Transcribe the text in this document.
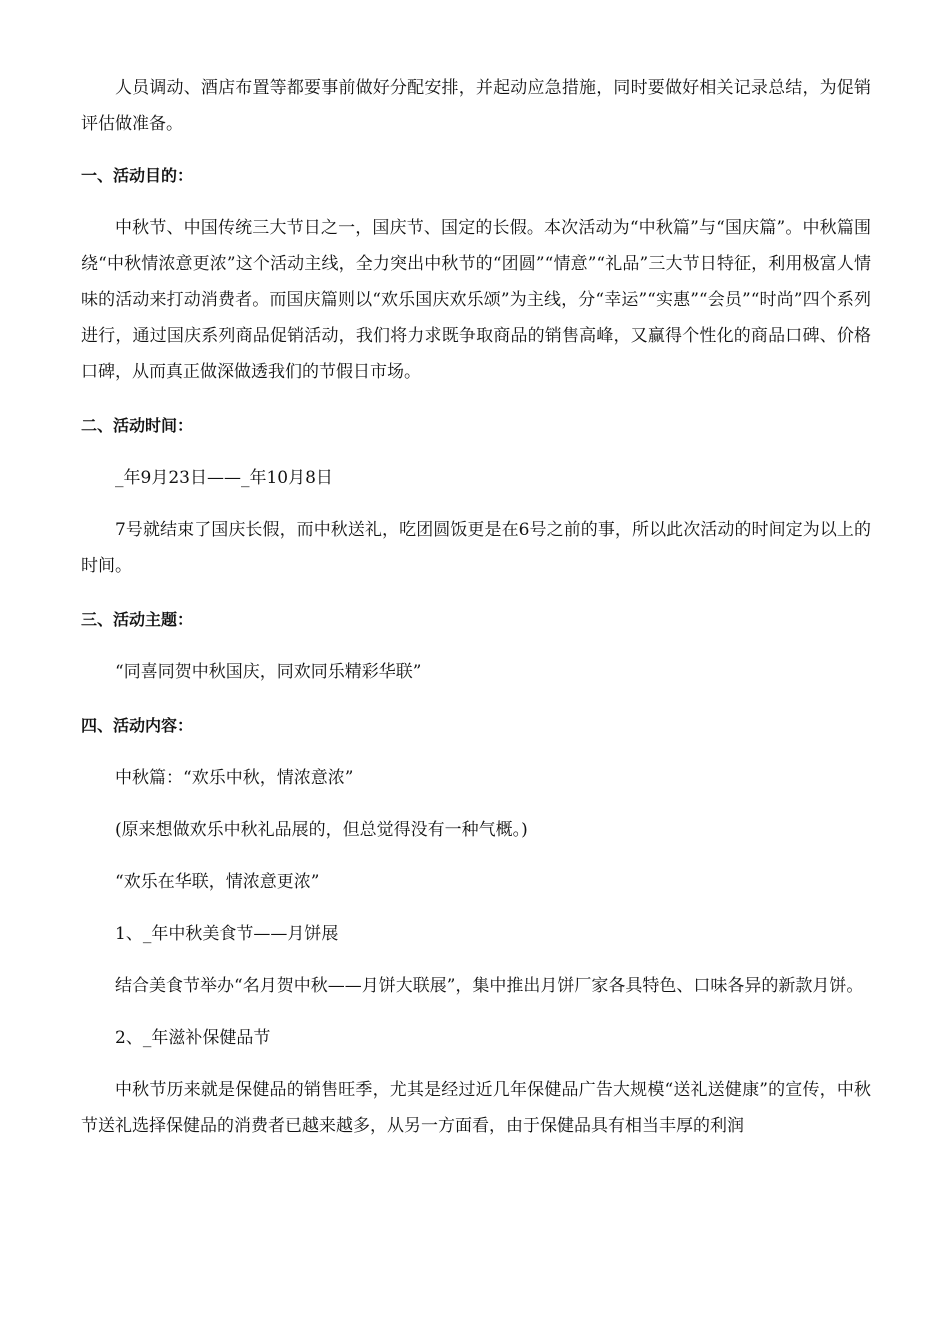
人员调动、酒店布置等都要事前做好分配安排，并起动应急措施，同时要做好相关记录总结，为促销评估做准备。

一、活动目的：

中秋节、中国传统三大节日之一，国庆节、国定的长假。本次活动为“中秋篇”与“国庆篇”。中秋篇围绕“中秋情浓意更浓”这个活动主线，全力突出中秋节的“团圆”“情意”“礼品”三大节日特征，利用极富人情味的活动来打动消费者。而国庆篇则以“欢乐国庆欢乐颂”为主线，分“幸运”“实惠”“会员”“时尚”四个系列进行，通过国庆系列商品促销活动，我们将力求既争取商品的销售高峰，又赢得个性化的商品口碑、价格口碑，从而真正做深做透我们的节假日市场。

二、活动时间：

_年9月23日——_年10月8日

7号就结束了国庆长假，而中秋送礼，吃团圆饭更是在6号之前的事，所以此次活动的时间定为以上的时间。

三、活动主题：

“同喜同贺中秋国庆，同欢同乐精彩华联”

四、活动内容：

中秋篇：“欢乐中秋，情浓意浓”

(原来想做欢乐中秋礼品展的，但总觉得没有一种气概。)

“欢乐在华联，情浓意更浓”

1、_年中秋美食节——月饼展

结合美食节举办“名月贺中秋——月饼大联展”，集中推出月饼厂家各具特色、口味各异的新款月饼。

2、_年滋补保健品节

中秋节历来就是保健品的销售旺季，尤其是经过近几年保健品广告大规模“送礼送健康”的宣传，中秋节送礼选择保健品的消费者已越来越多，从另一方面看，由于保健品具有相当丰厚的利润
